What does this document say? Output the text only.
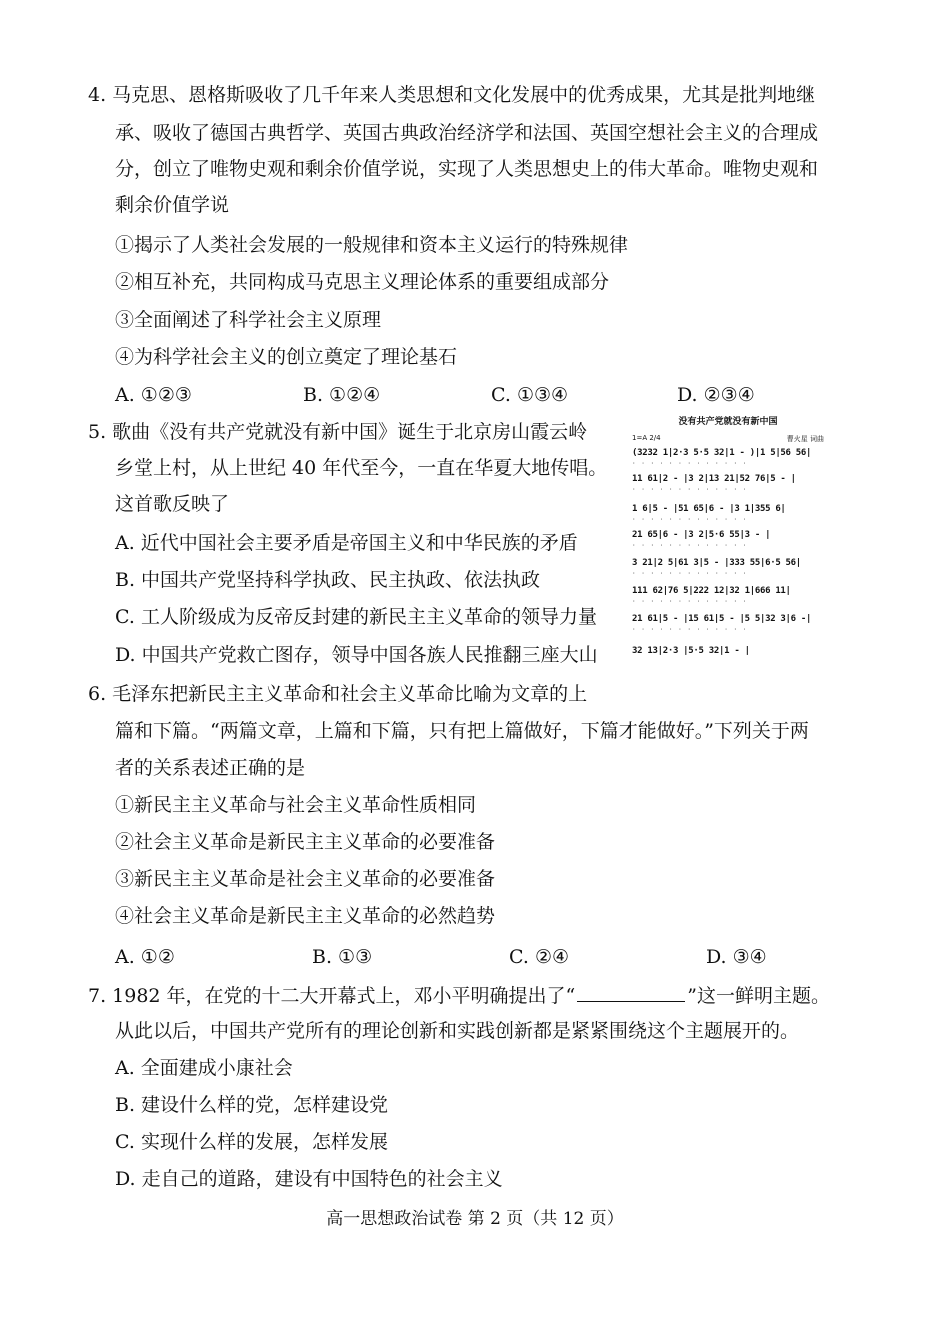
4. 马克思、恩格斯吸收了几千年来人类思想和文化发展中的优秀成果，尤其是批判地继
承、吸收了德国古典哲学、英国古典政治经济学和法国、英国空想社会主义的合理成
分，创立了唯物史观和剩余价值学说，实现了人类思想史上的伟大革命。唯物史观和
剩余价值学说
①揭示了人类社会发展的一般规律和资本主义运行的特殊规律
②相互补充，共同构成马克思主义理论体系的重要组成部分
③全面阐述了科学社会主义原理
④为科学社会主义的创立奠定了理论基石
A. ①②③	B. ①②④	C. ①③④	D. ②③④
5. 歌曲《没有共产党就没有新中国》诞生于北京房山霞云岭
乡堂上村，从上世纪 40 年代至今，一直在华夏大地传唱。
这首歌反映了
A. 近代中国社会主要矛盾是帝国主义和中华民族的矛盾
B. 中国共产党坚持科学执政、民主执政、依法执政
C. 工人阶级成为反帝反封建的新民主主义革命的领导力量
D. 中国共产党救亡图存，领导中国各族人民推翻三座大山
没有共产党就没有新中国
1=A 2/4	曹火星 词曲
(3232 1|2·3 5·5 32|1 - )|1 5|56 56|
· · · · · · · · · · · · ·
11 61|2 - |3 2|13 21|52 76|5 - |
· · · · · · · · · · · · ·
1 6|5 - |51 65|6 - |3 1|355 6|
· · · · · · · · · · · · ·
21 65|6 - |3 2|5·6 55|3 - |
· · · · · · · · · · · · ·
3 21|2 5|61 3|5 - |333 55|6·5 56|
· · · · · · · · · · · · ·
111 62|76 5|222 12|32 1|666 11|
· · · · · · · · · · · · ·
21 61|5 - |15 61|5 - |5 5|32 3|6 -|
· · · · · · · · · · · · ·
32 13|2·3 |5·5 32|1 - |
6. 毛泽东把新民主主义革命和社会主义革命比喻为文章的上
篇和下篇。“两篇文章，上篇和下篇，只有把上篇做好，下篇才能做好。”下列关于两
者的关系表述正确的是
①新民主主义革命与社会主义革命性质相同
②社会主义革命是新民主主义革命的必要准备
③新民主主义革命是社会主义革命的必要准备
④社会主义革命是新民主主义革命的必然趋势
A. ①②	B. ①③	C. ②④	D. ③④
7. 1982 年，在党的十二大开幕式上，邓小平明确提出了“	”这一鲜明主题。
从此以后，中国共产党所有的理论创新和实践创新都是紧紧围绕这个主题展开的。
A. 全面建成小康社会
B. 建设什么样的党，怎样建设党
C. 实现什么样的发展，怎样发展
D. 走自己的道路，建设有中国特色的社会主义
高一思想政治试卷 第 2 页（共 12 页）
